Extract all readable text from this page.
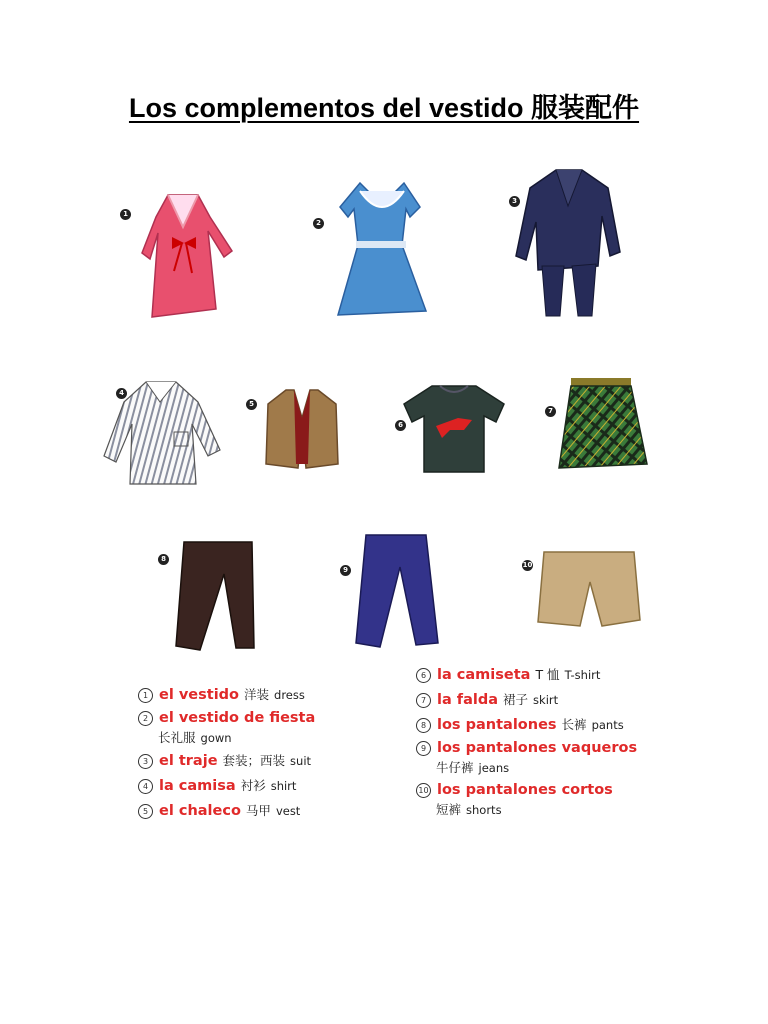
Los complementos del vestido 服装配件
1
2
3
4
5
6
7
8
9
10
1 el vestido 洋装 dress
2 el vestido de fiesta
长礼服 gown
3 el traje 套装；西装 suit
4 la camisa 衬衫 shirt
5 el chaleco 马甲 vest
6 la camiseta T 恤 T-shirt
7 la falda 裙子 skirt
8 los pantalones 长裤 pants
9 los pantalones vaqueros
牛仔裤 jeans
10 los pantalones cortos
短裤 shorts
